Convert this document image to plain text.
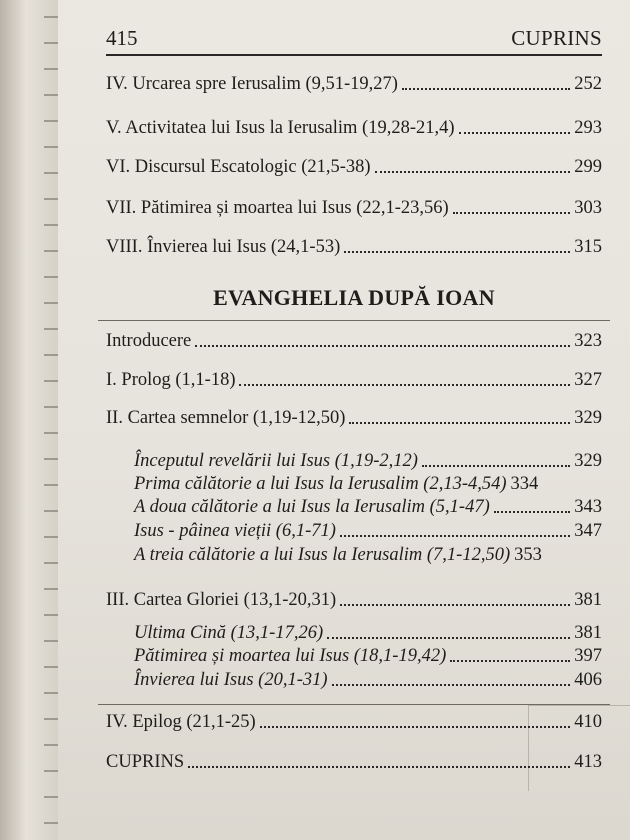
415	CUPRINS
IV. Urcarea spre Ierusalim (9,51-19,27)	252
V. Activitatea lui Isus la Ierusalim (19,28-21,4)	293
VI. Discursul Escatologic (21,5-38)	299
VII. Pătimirea și moartea lui Isus (22,1-23,56)	303
VIII. Învierea lui Isus (24,1-53)	315
EVANGHELIA DUPĂ IOAN
Introducere	323
I. Prolog (1,1-18)	327
II. Cartea semnelor (1,19-12,50)	329
Începutul revelării lui Isus (1,19-2,12)	329
Prima călătorie a lui Isus la Ierusalim (2,13-4,54) 334
A doua călătorie a lui Isus la Ierusalim (5,1-47)	343
Isus - pâinea vieții (6,1-71)	347
A treia călătorie a lui Isus la Ierusalim (7,1-12,50) 353
III. Cartea Gloriei (13,1-20,31)	381
Ultima Cină (13,1-17,26)	381
Pătimirea și moartea lui Isus (18,1-19,42)	397
Învierea lui Isus (20,1-31)	406
IV. Epilog (21,1-25)	410
CUPRINS	413
